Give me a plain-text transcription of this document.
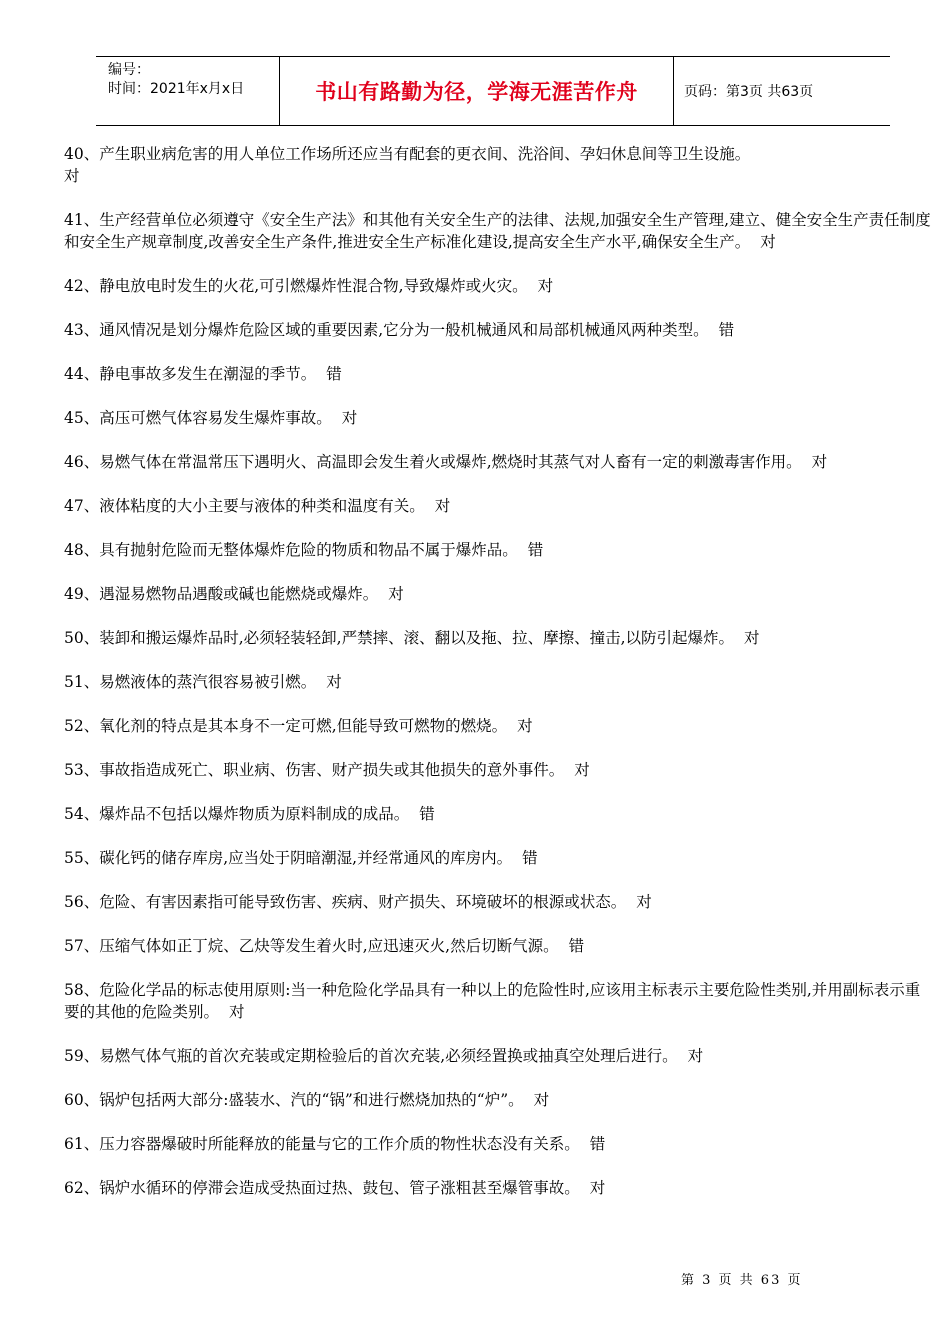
编号：
时间：2021年x月x日	书山有路勤为径，学海无涯苦作舟	页码：第3页 共63页

40、产生职业病危害的用人单位工作场所还应当有配套的更衣间、洗浴间、孕妇休息间等卫生设施。
对

41、生产经营单位必须遵守《安全生产法》和其他有关安全生产的法律、法规,加强安全生产管理,建立、健全安全生产责任制度和安全生产规章制度,改善安全生产条件,推进安全生产标准化建设,提高安全生产水平,确保安全生产。 对

42、静电放电时发生的火花,可引燃爆炸性混合物,导致爆炸或火灾。 对

43、通风情况是划分爆炸危险区域的重要因素,它分为一般机械通风和局部机械通风两种类型。 错

44、静电事故多发生在潮湿的季节。 错

45、高压可燃气体容易发生爆炸事故。 对

46、易燃气体在常温常压下遇明火、高温即会发生着火或爆炸,燃烧时其蒸气对人畜有一定的刺激毒害作用。 对

47、液体粘度的大小主要与液体的种类和温度有关。 对

48、具有抛射危险而无整体爆炸危险的物质和物品不属于爆炸品。 错

49、遇湿易燃物品遇酸或碱也能燃烧或爆炸。 对

50、装卸和搬运爆炸品时,必须轻装轻卸,严禁摔、滚、翻以及拖、拉、摩擦、撞击,以防引起爆炸。 对

51、易燃液体的蒸汽很容易被引燃。 对

52、氧化剂的特点是其本身不一定可燃,但能导致可燃物的燃烧。 对

53、事故指造成死亡、职业病、伤害、财产损失或其他损失的意外事件。 对

54、爆炸品不包括以爆炸物质为原料制成的成品。 错

55、碳化钙的储存库房,应当处于阴暗潮湿,并经常通风的库房内。 错

56、危险、有害因素指可能导致伤害、疾病、财产损失、环境破坏的根源或状态。 对

57、压缩气体如正丁烷、乙炔等发生着火时,应迅速灭火,然后切断气源。 错

58、危险化学品的标志使用原则:当一种危险化学品具有一种以上的危险性时,应该用主标表示主要危险性类别,并用副标表示重要的其他的危险类别。 对

59、易燃气体气瓶的首次充装或定期检验后的首次充装,必须经置换或抽真空处理后进行。 对

60、锅炉包括两大部分:盛装水、汽的“锅”和进行燃烧加热的“炉”。 对

61、压力容器爆破时所能释放的能量与它的工作介质的物性状态没有关系。 错

62、锅炉水循环的停滞会造成受热面过热、鼓包、管子涨粗甚至爆管事故。 对

第 3 页 共 63 页
